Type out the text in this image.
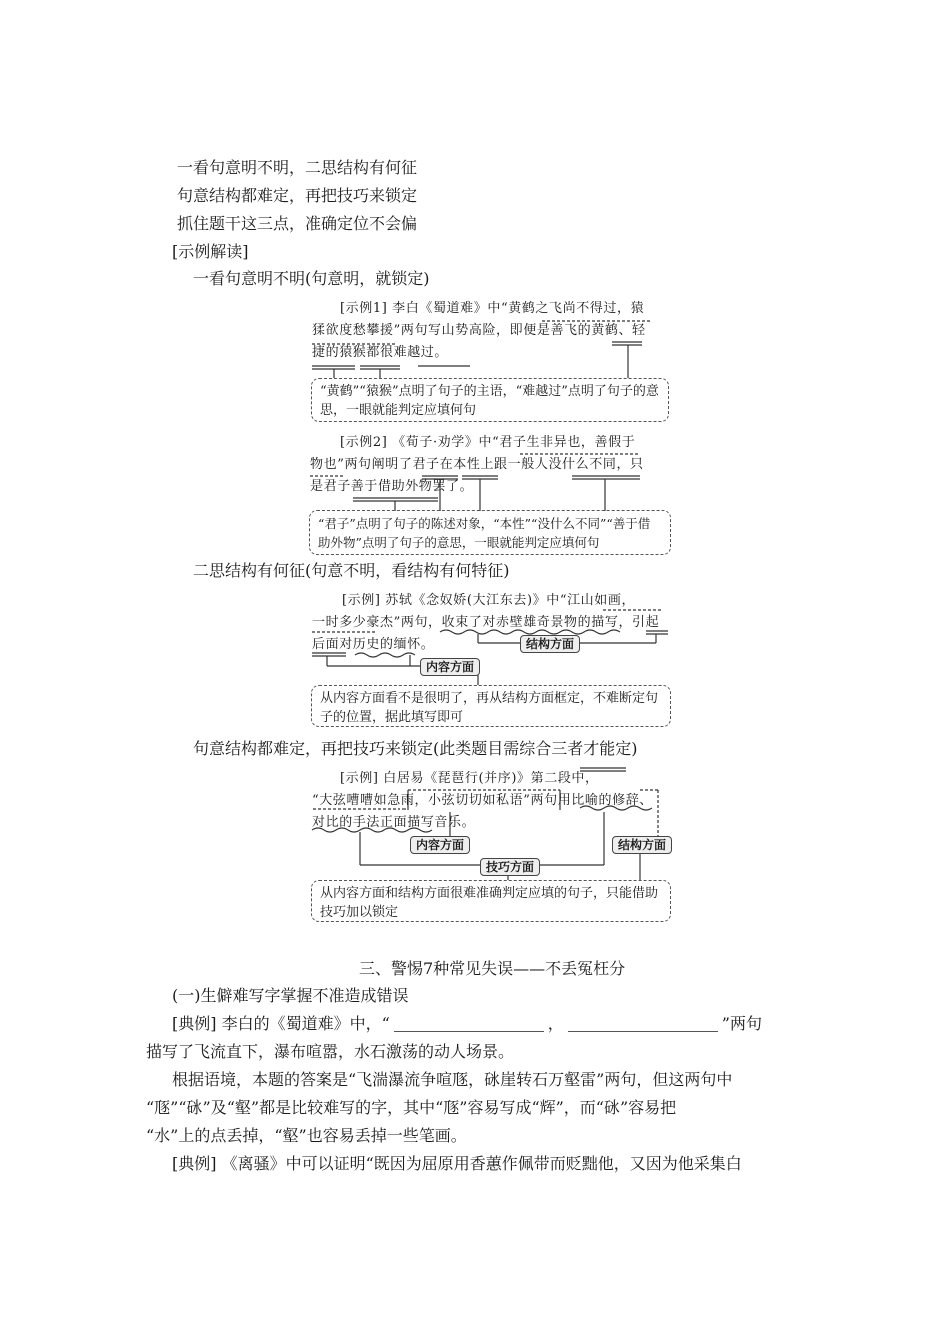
一看句意明不明，二思结构有何征
句意结构都难定，再把技巧来锁定
抓住题干这三点，准确定位不会偏
[示例解读]
一看句意明不明(句意明，就锁定)
[示例1] 李白《蜀道难》中“黄鹤之飞尚不得过，猿
猱欲度愁攀援”两句写山势高险，即便是善飞的黄鹤、轻
捷的猿猴都很难越过。
“黄鹤”“猿猴”点明了句子的主语，“难越过”点明了句子的意思，一眼就能判定应填何句
[示例2] 《荀子·劝学》中“君子生非异也，善假于
物也”两句阐明了君子在本性上跟一般人没什么不同，只
是君子善于借助外物罢了。
“君子”点明了句子的陈述对象，“本性”“没什么不同”“善于借助外物”点明了句子的意思，一眼就能判定应填何句
二思结构有何征(句意不明，看结构有何特征)
[示例] 苏轼《念奴娇(大江东去)》中“江山如画，
一时多少豪杰”两句，收束了对赤壁雄奇景物的描写，引起
后面对历史的缅怀。	结构方面
内容方面
从内容方面看不是很明了，再从结构方面框定，不难断定句子的位置，据此填写即可
句意结构都难定，再把技巧来锁定(此类题目需综合三者才能定)
[示例] 白居易《琵琶行(并序)》第二段中，
“大弦嘈嘈如急雨，小弦切切如私语”两句用比喻的修辞、
对比的手法正面描写音乐。
内容方面	结构方面
技巧方面
从内容方面和结构方面很难准确判定应填的句子，只能借助技巧加以锁定
三、警惕7种常见失误——不丢冤枉分
(一)生僻难写字掌握不准造成错误
[典例] 李白的《蜀道难》中，“	，	”两句
描写了飞流直下，瀑布喧嚣，水石激荡的动人场景。
根据语境，本题的答案是“飞湍瀑流争喧豗，砯崖转石万壑雷”两句，但这两句中
“豗”“砯”及“壑”都是比较难写的字，其中“豗”容易写成“辉”，而“砯”容易把
“水”上的点丢掉，“壑”也容易丢掉一些笔画。
[典例] 《离骚》中可以证明“既因为屈原用香蕙作佩带而贬黜他，又因为他采集白
